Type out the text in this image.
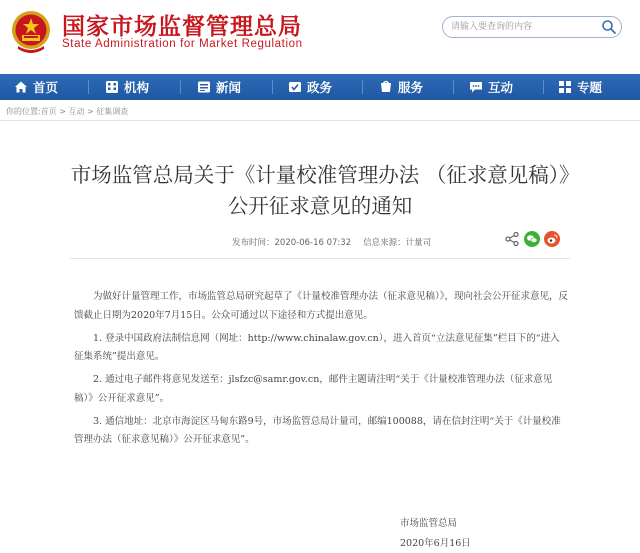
国家市场监督管理总局
State Administration for Market Regulation
请输入要查询的内容
首页	机构	新闻	政务	服务	互动	专题
你的位置:首页 > 互动 > 征集调查
市场监管总局关于《计量校准管理办法 （征求意见稿）》公开征求意见的通知
发布时间：2020-06-16 07:32 信息来源：计量司

为做好计量管理工作，市场监管总局研究起草了《计量校准管理办法（征求意见稿）》，现向社会公开征求意见，反馈截止日期为2020年7月15日。公众可通过以下途径和方式提出意见。

1. 登录中国政府法制信息网（网址：http://www.chinalaw.gov.cn），进入首页“立法意见征集”栏目下的“进入征集系统”提出意见。

2. 通过电子邮件将意见发送至：jlsfzc@samr.gov.cn，邮件主题请注明“关于《计量校准管理办法（征求意见稿）》公开征求意见”。

3. 通信地址：北京市海淀区马甸东路9号，市场监管总局计量司，邮编100088，请在信封注明“关于《计量校准管理办法（征求意见稿）》公开征求意见”。

市场监管总局
2020年6月16日
